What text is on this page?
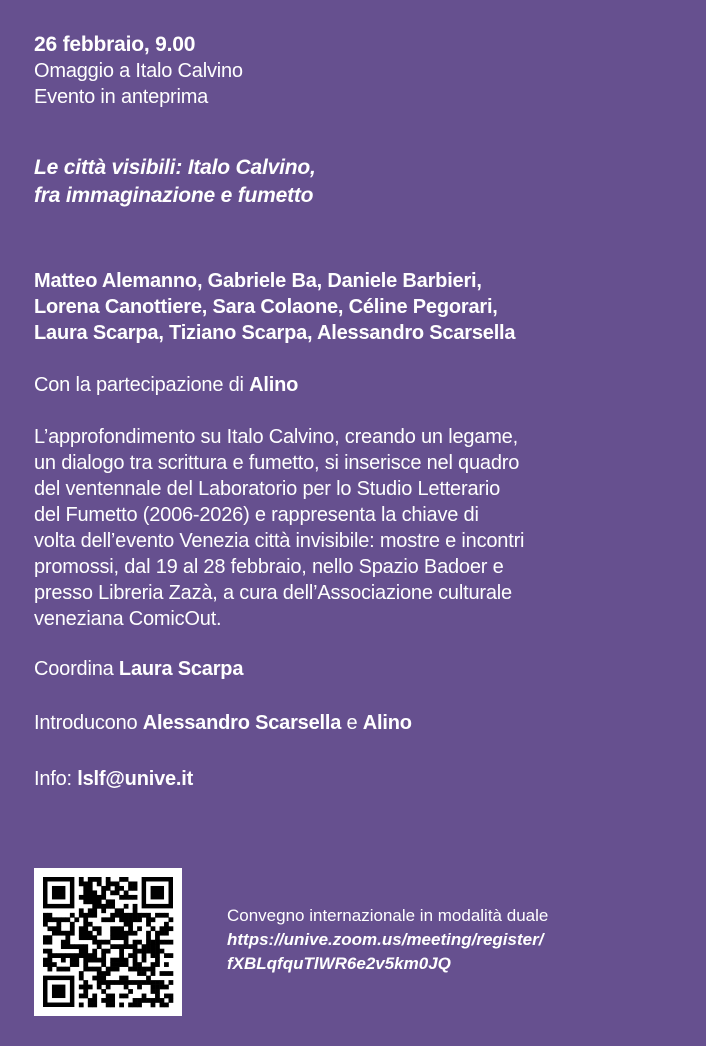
26 febbraio, 9.00

Omaggio a Italo Calvino

Evento in anteprima

Le città visibili: Italo Calvino,

fra immaginazione e fumetto

Matteo Alemanno, Gabriele Ba, Daniele Barbieri,

Lorena Canottiere, Sara Colaone, Céline Pegorari,

Laura Scarpa, Tiziano Scarpa, Alessandro Scarsella

Con la partecipazione di Alino

L’approfondimento su Italo Calvino, creando un legame,

un dialogo tra scrittura e fumetto, si inserisce nel quadro

del ventennale del Laboratorio per lo Studio Letterario

del Fumetto (2006-2026) e rappresenta la chiave di

volta dell’evento Venezia città invisibile: mostre e incontri

promossi, dal 19 al 28 febbraio, nello Spazio Badoer e

presso Libreria Zazà, a cura dell’Associazione culturale

veneziana ComicOut.

Coordina Laura Scarpa
Introducono Alessandro Scarsella e Alino
Info: lslf@unive.it

Convegno internazionale in modalità duale

https://unive.zoom.us/meeting/register/

fXBLqfquTlWR6e2v5km0JQ
